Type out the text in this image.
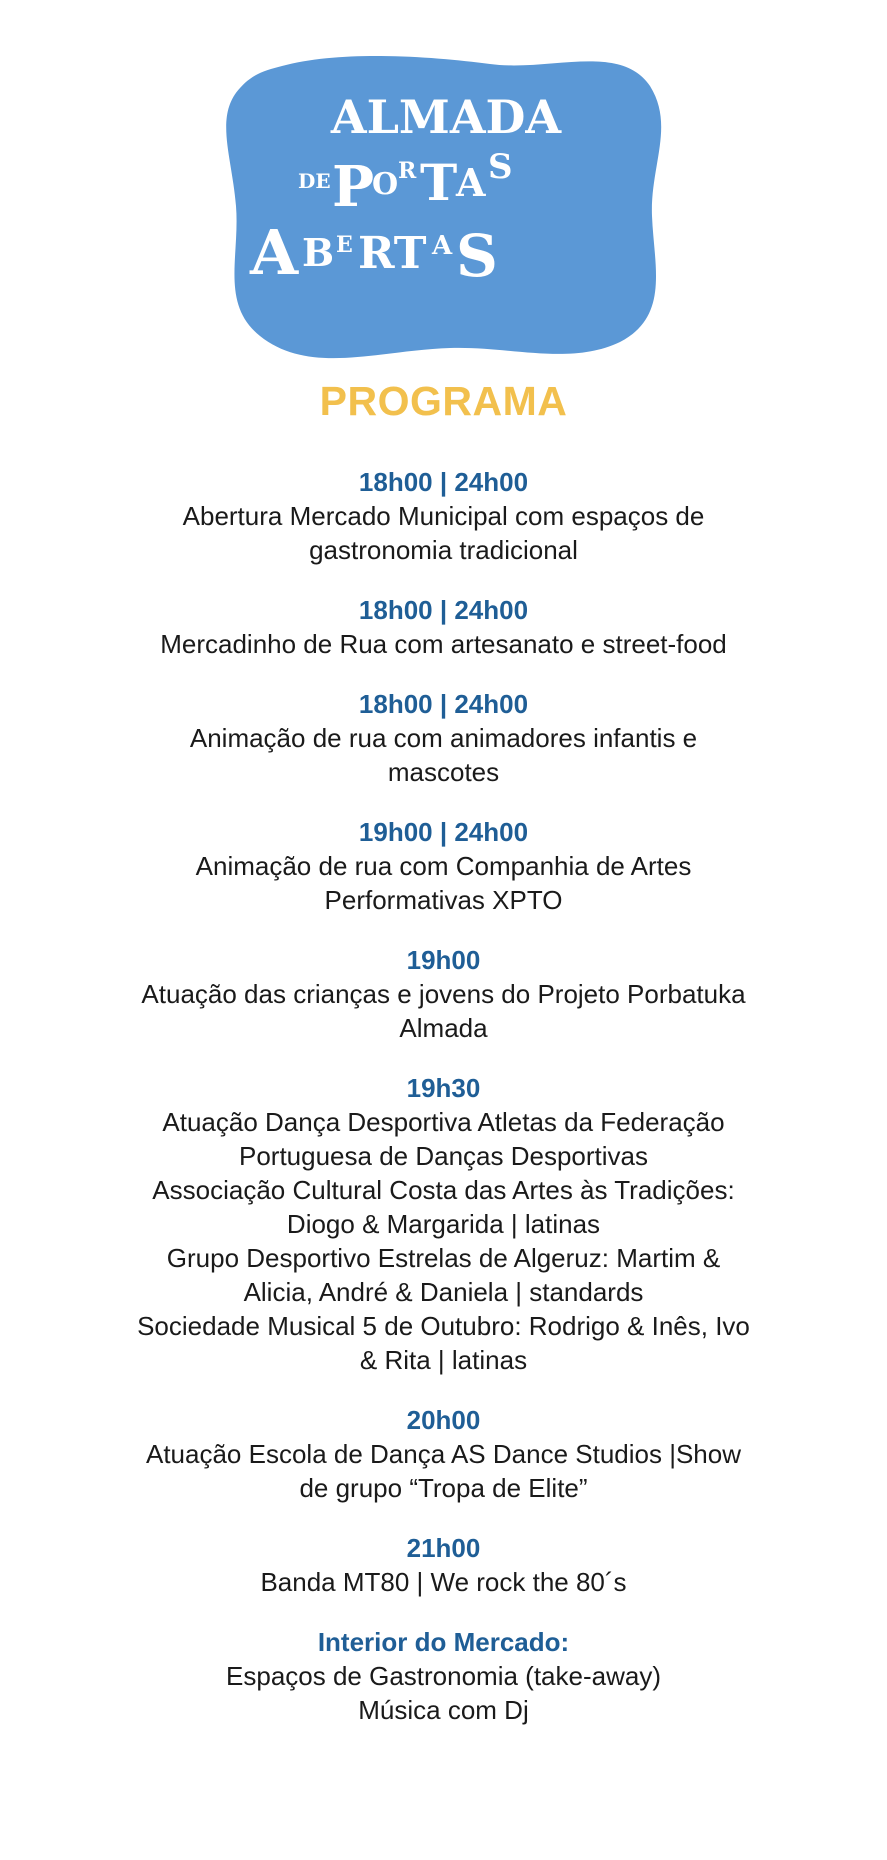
ALMADA
DE P
O R T
A S
A B E RT A S
PROGRAMA
18h00 | 24h00
Abertura Mercado Municipal com espaços de
gastronomia tradicional
18h00 | 24h00
Mercadinho de Rua com artesanato e street-food
18h00 | 24h00
Animação de rua com animadores infantis e
mascotes
19h00 | 24h00
Animação de rua com Companhia de Artes
Performativas XPTO
19h00
Atuação das crianças e jovens do Projeto Porbatuka
Almada
19h30
Atuação Dança Desportiva Atletas da Federação
Portuguesa de Danças Desportivas
Associação Cultural Costa das Artes às Tradições:
Diogo & Margarida | latinas
Grupo Desportivo Estrelas de Algeruz: Martim &
Alicia, André & Daniela | standards
Sociedade Musical 5 de Outubro: Rodrigo & Inês, Ivo
& Rita | latinas
20h00
Atuação Escola de Dança AS Dance Studios |Show
de grupo “Tropa de Elite”
21h00
Banda MT80 | We rock the 80´s
Interior do Mercado:
Espaços de Gastronomia (take-away)
Música com Dj
